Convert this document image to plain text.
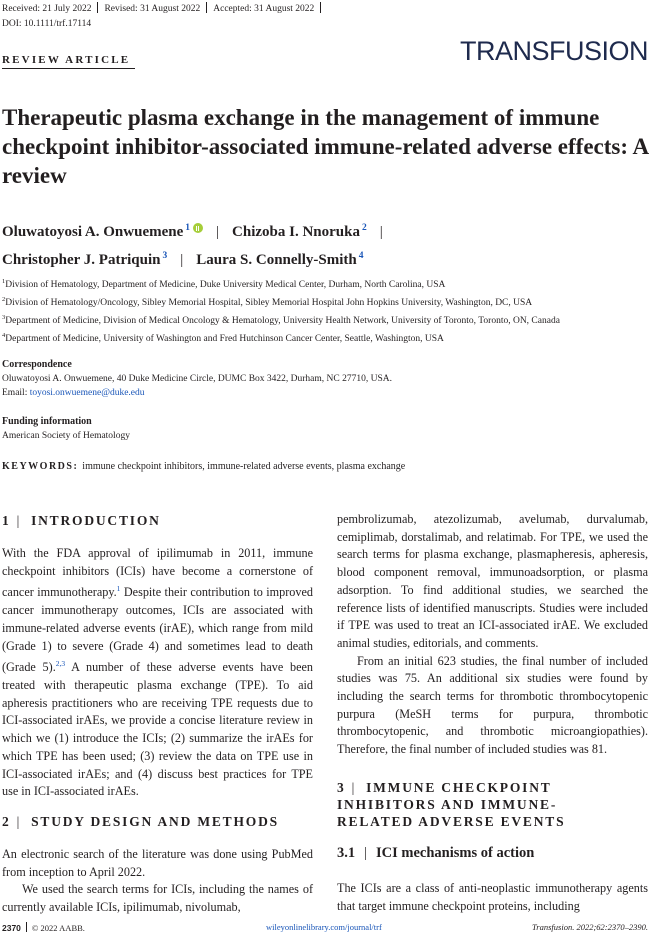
Received: 21 July 2022 Revised: 31 August 2022 Accepted: 31 August 2022
DOI: 10.1111/trf.17114
TRANSFUSION
REVIEW ARTICLE
Therapeutic plasma exchange in the management of immune checkpoint inhibitor-associated immune-related adverse effects: A review
Oluwatoyosi A. Onwuemene $^1$ | Chizoba I. Nnoruka $^2$ |
Christopher J. Patriquin $^3$ | Laura S. Connelly-Smith $^4$
$^1$Division of Hematology, Department of Medicine, Duke University Medical Center, Durham, North Carolina, USA
$^2$Division of Hematology/Oncology, Sibley Memorial Hospital, Sibley Memorial Hospital John Hopkins University, Washington, DC, USA
$^3$Department of Medicine, Division of Medical Oncology & Hematology, University Health Network, University of Toronto, Toronto, ON, Canada
$^4$Department of Medicine, University of Washington and Fred Hutchinson Cancer Center, Seattle, Washington, USA
Correspondence
Oluwatoyosi A. Onwuemene, 40 Duke Medicine Circle, DUMC Box 3422, Durham, NC 27710, USA.
Email: toyosi.onwuemene@duke.edu
Funding information
American Society of Hematology
KEYWORDS: immune checkpoint inhibitors, immune-related adverse events, plasma exchange
1 | INTRODUCTION

With the FDA approval of ipilimumab in 2011, immune checkpoint inhibitors (ICIs) have become a cornerstone of cancer immunotherapy.$^1$ Despite their contribution to improved cancer immunotherapy outcomes, ICIs are associated with immune-related adverse events (irAE), which range from mild (Grade 1) to severe (Grade 4) and sometimes lead to death (Grade 5).$^{2,3}$ A number of these adverse events have been treated with therapeutic plasma exchange (TPE). To aid apheresis practitioners who are receiving TPE requests due to ICI-associated irAEs, we provide a concise literature review in which we (1) introduce the ICIs; (2) summarize the irAEs for which TPE has been used; (3) review the data on TPE use in ICI-associated irAEs; and (4) discuss best practices for TPE use in ICI-associated irAEs.

2 | STUDY DESIGN AND METHODS

An electronic search of the literature was done using PubMed from inception to April 2022.

We used the search terms for ICIs, including the names of currently available ICIs, ipilimumab, nivolumab,

pembrolizumab, atezolizumab, avelumab, durvalumab, cemiplimab, dorstalimab, and relatimab. For TPE, we used the search terms for plasma exchange, plasmapheresis, apheresis, blood component removal, immunoadsorption, or plasma adsorption. To find additional studies, we searched the reference lists of identified manuscripts. Studies were included if TPE was used to treat an ICI-associated irAE. We excluded animal studies, editorials, and comments.

From an initial 623 studies, the final number of included studies was 75. An additional six studies were found by including the search terms for thrombotic thrombocytopenic purpura (MeSH terms for purpura, thrombotic thrombocytopenic, and thrombotic microangiopathies). Therefore, the final number of included studies was 81.

3 | IMMUNE CHECKPOINT
INHIBITORS AND IMMUNE-
RELATED ADVERSE EVENTS
3.1 | ICI mechanisms of action

The ICIs are a class of anti-neoplastic immunotherapy agents that target immune checkpoint proteins, including

2370 © 2022 AABB.	wileyonlinelibrary.com/journal/trf	Transfusion. 2022;62:2370–2390.
